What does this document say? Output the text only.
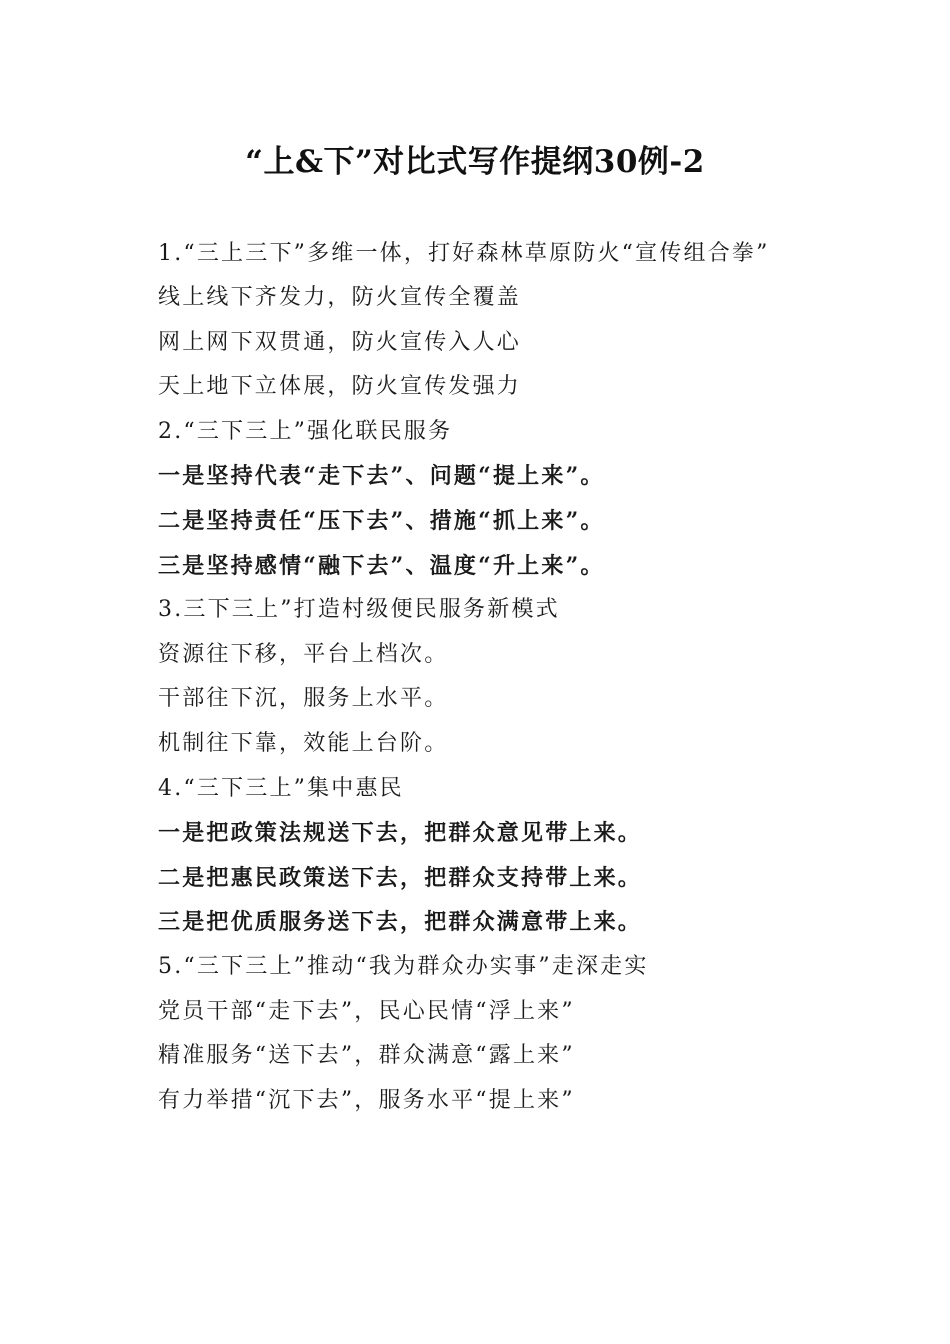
“上&下”对比式写作提纲30例-2

1.“三上三下”多维一体，打好森林草原防火“宣传组合拳”

线上线下齐发力，防火宣传全覆盖

网上网下双贯通，防火宣传入人心

天上地下立体展，防火宣传发强力

2.“三下三上”强化联民服务

一是坚持代表“走下去”、问题“提上来”。

二是坚持责任“压下去”、措施“抓上来”。

三是坚持感情“融下去”、温度“升上来”。

3.三下三上”打造村级便民服务新模式

资源往下移，平台上档次。

干部往下沉，服务上水平。

机制往下靠，效能上台阶。

4.“三下三上”集中惠民

一是把政策法规送下去，把群众意见带上来。

二是把惠民政策送下去，把群众支持带上来。

三是把优质服务送下去，把群众满意带上来。

5.“三下三上”推动“我为群众办实事”走深走实

党员干部“走下去”，民心民情“浮上来”

精准服务“送下去”，群众满意“露上来”

有力举措“沉下去”，服务水平“提上来”
